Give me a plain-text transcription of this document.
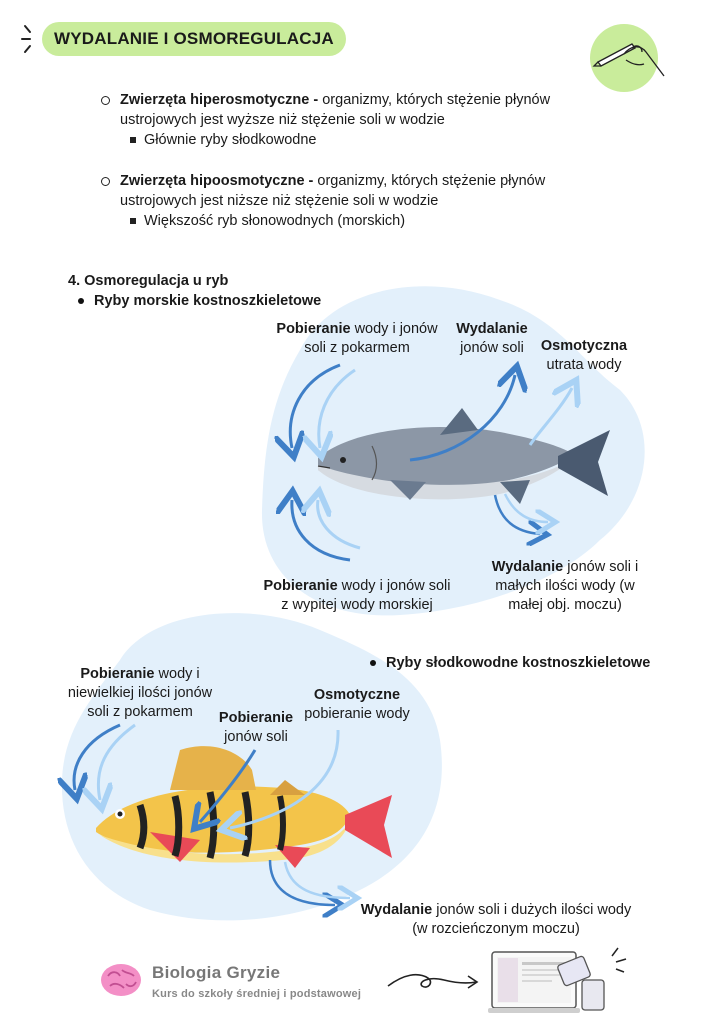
WYDALANIE I OSMOREGULACJA

Zwierzęta hiperosmotyczne - organizmy, których stężenie płynów ustrojowych jest wyższe niż stężenie soli w wodzie

Głównie ryby słodkowodne

Zwierzęta hipoosmotyczne - organizmy, których stężenie płynów ustrojowych jest niższe niż stężenie soli w wodzie

Większość ryb słonowodnych (morskich)

4. Osmoregulacja u ryb
Ryby morskie kostnoszkieletowe
Pobieranie wody i jonów
soli z pokarmem
Wydalanie
jonów soli	Osmotyczna
utrata wody
Pobieranie wody i jonów soli
z wypitej wody morskiej
Wydalanie jonów soli i
małych ilości wody (w
małej obj. moczu)
Ryby słodkowodne kostnoszkieletowe
Pobieranie wody i
niewielkiej ilości jonów
soli z pokarmem	Pobieranie
jonów soli
Osmotyczne
pobieranie wody
Wydalanie jonów soli i dużych ilości wody
(w rozcieńczonym moczu)
Biologia Gryzie
Kurs do szkoły średniej i podstawowej
